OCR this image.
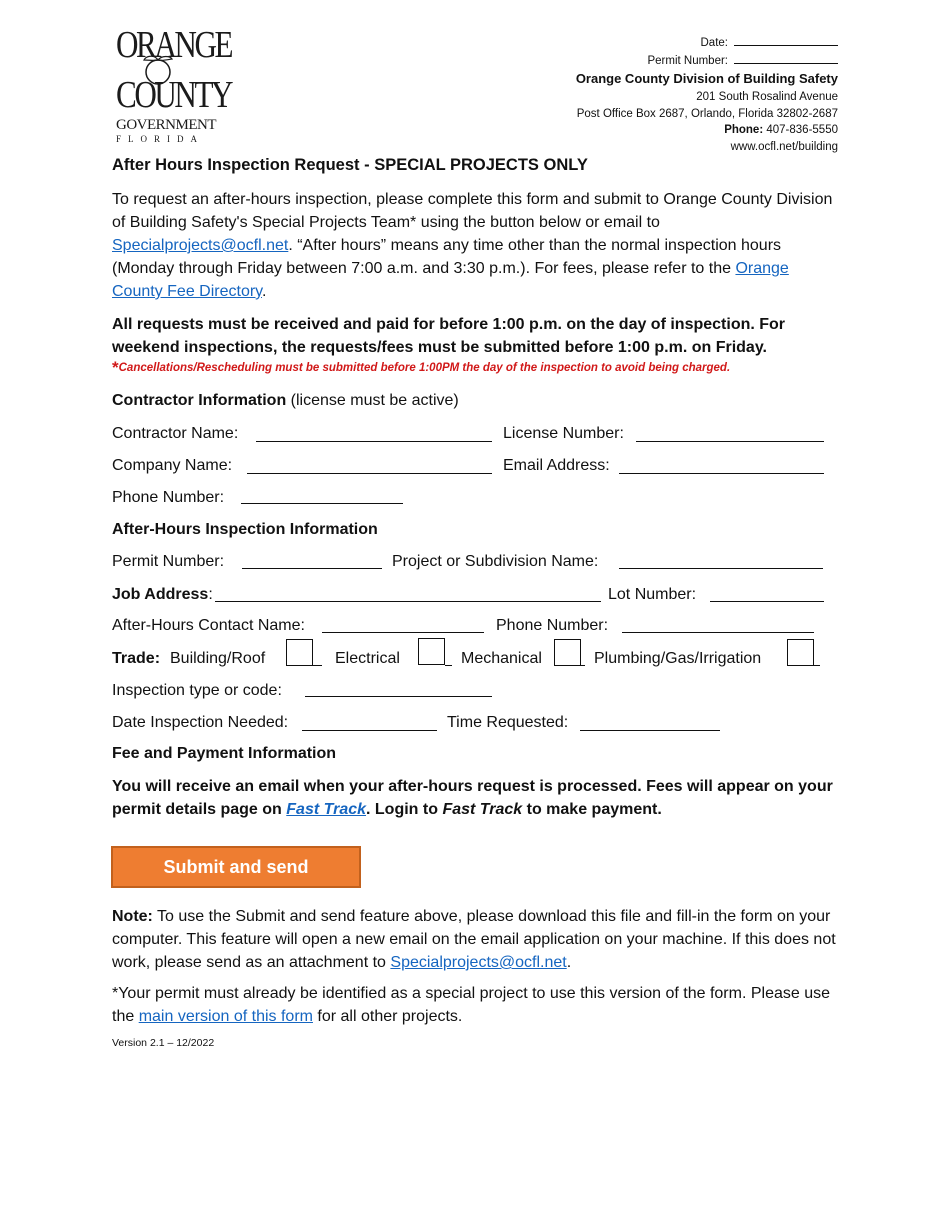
ORANGE
COUNTY
GOVERNMENT
FLORIDA
Date:
Permit Number:
Orange County Division of Building Safety
201 South Rosalind Avenue
Post Office Box 2687, Orlando, Florida 32802-2687
Phone: 407-836-5550
www.ocfl.net/building
After Hours Inspection Request - SPECIAL PROJECTS ONLY
To request an after-hours inspection, please complete this form and submit to Orange County Division of Building Safety's Special Projects Team* using the button below or email to Specialprojects@ocfl.net. “After hours” means any time other than the normal inspection hours (Monday through Friday between 7:00 a.m. and 3:30 p.m.). For fees, please refer to the Orange County Fee Directory.
All requests must be received and paid for before 1:00 p.m. on the day of inspection. For weekend inspections, the requests/fees must be submitted before 1:00 p.m. on Friday.
*Cancellations/Rescheduling must be submitted before 1:00PM the day of the inspection to avoid being charged.
Contractor Information (license must be active)
Contractor Name:	License Number:
Company Name:	Email Address:
Phone Number:
After-Hours Inspection Information
Permit Number:	Project or Subdivision Name:
Job Address:	Lot Number:
After-Hours Contact Name:	Phone Number:
Trade: Building/Roof	Electrical	Mechanical	Plumbing/Gas/Irrigation
Inspection type or code:
Date Inspection Needed:	Time Requested:
Fee and Payment Information
You will receive an email when your after-hours request is processed. Fees will appear on your permit details page on Fast Track. Login to Fast Track to make payment.
Submit and send
Note: To use the Submit and send feature above, please download this file and fill-in the form on your computer. This feature will open a new email on the email application on your machine. If this does not work, please send as an attachment to Specialprojects@ocfl.net.
*Your permit must already be identified as a special project to use this version of the form. Please use the main version of this form for all other projects.
Version 2.1 – 12/2022
